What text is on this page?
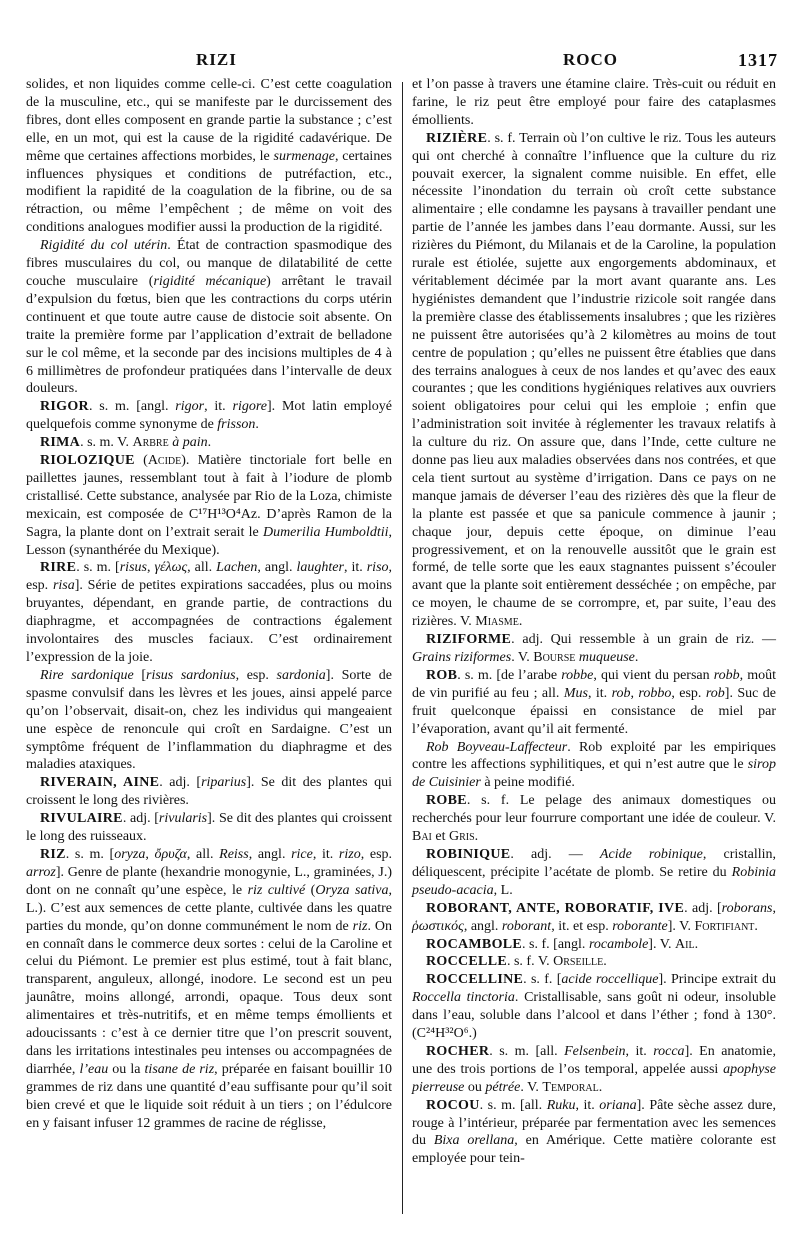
RIZI	ROCO	1317

solides, et non liquides comme celle-ci. C’est cette coagulation de la musculine, etc., qui se manifeste par le durcissement des fibres, dont elles composent en grande partie la substance ; c’est elle, en un mot, qui est la cause de la rigidité cadavérique. De même que certaines affections morbides, le surmenage, certaines influences physiques et conditions de putréfaction, etc., modifient la rapidité de la coagulation de la fibrine, ou de sa rétraction, ou même l’empêchent ; de même on voit des conditions analogues modifier aussi la production de la rigidité.

Rigidité du col utérin. État de contraction spasmodique des fibres musculaires du col, ou manque de dilatabilité de cette couche musculaire (rigidité mécanique) arrêtant le travail d’expulsion du fœtus, bien que les contractions du corps utérin continuent et que toute autre cause de distocie soit absente. On traite la première forme par l’application d’extrait de belladone sur le col même, et la seconde par des incisions multiples de 4 à 6 millimètres de profondeur pratiquées dans l’intervalle de deux douleurs.

RIGOR. s. m. [angl. rigor, it. rigore]. Mot latin employé quelquefois comme synonyme de frisson.

RIMA. s. m. V. Arbre à pain.

RIOLOZIQUE (Acide). Matière tinctoriale fort belle en paillettes jaunes, ressemblant tout à fait à l’iodure de plomb cristallisé. Cette substance, analysée par Rio de la Loza, chimiste mexicain, est composée de C¹⁷H¹³O⁴Az. D’après Ramon de la Sagra, la plante dont on l’extrait serait le Dumerilia Humboldtii, Lesson (synanthérée du Mexique).

RIRE. s. m. [risus, γέλως, all. Lachen, angl. laughter, it. riso, esp. risa]. Série de petites expirations saccadées, plus ou moins bruyantes, dépendant, en grande partie, de contractions du diaphragme, et accompagnées de contractions également involontaires des muscles faciaux. C’est ordinairement l’expression de la joie.

Rire sardonique [risus sardonius, esp. sardonia]. Sorte de spasme convulsif dans les lèvres et les joues, ainsi appelé parce qu’on l’observait, disait-on, chez les individus qui mangeaient une espèce de renoncule qui croît en Sardaigne. C’est un symptôme fréquent de l’inflammation du diaphragme et des maladies ataxiques.

RIVERAIN, AINE. adj. [riparius]. Se dit des plantes qui croissent le long des rivières.

RIVULAIRE. adj. [rivularis]. Se dit des plantes qui croissent le long des ruisseaux.

RIZ. s. m. [oryza, ὄρυζα, all. Reiss, angl. rice, it. rizo, esp. arroz]. Genre de plante (hexandrie monogynie, L., graminées, J.) dont on ne connaît qu’une espèce, le riz cultivé (Oryza sativa, L.). C’est aux semences de cette plante, cultivée dans les quatre parties du monde, qu’on donne communément le nom de riz. On en connaît dans le commerce deux sortes : celui de la Caroline et celui du Piémont. Le premier est plus estimé, tout à fait blanc, transparent, anguleux, allongé, inodore. Le second est un peu jaunâtre, moins allongé, arrondi, opaque. Tous deux sont alimentaires et très-nutritifs, et en même temps émollients et adoucissants : c’est à ce dernier titre que l’on prescrit souvent, dans les irritations intestinales peu intenses ou accompagnées de diarrhée, l’eau ou la tisane de riz, préparée en faisant bouillir 10 grammes de riz dans une quantité d’eau suffisante pour qu’il soit bien crevé et que le liquide soit réduit à un tiers ; on l’édulcore en y faisant infuser 12 grammes de racine de réglisse,

et l’on passe à travers une étamine claire. Très-cuit ou réduit en farine, le riz peut être employé pour faire des cataplasmes émollients.

RIZIÈRE. s. f. Terrain où l’on cultive le riz. Tous les auteurs qui ont cherché à connaître l’influence que la culture du riz pouvait exercer, la signalent comme nuisible. En effet, elle nécessite l’inondation du terrain où croît cette substance alimentaire ; elle condamne les paysans à travailler pendant une partie de l’année les jambes dans l’eau dormante. Aussi, sur les rizières du Piémont, du Milanais et de la Caroline, la population rurale est étiolée, sujette aux engorgements abdominaux, et véritablement décimée par la mort avant quarante ans. Les hygiénistes demandent que l’industrie rizicole soit rangée dans la première classe des établissements insalubres ; que les rizières ne puissent être autorisées qu’à 2 kilomètres au moins de tout centre de population ; qu’elles ne puissent être établies que dans des terrains analogues à ceux de nos landes et qu’avec des eaux courantes ; que les conditions hygiéniques relatives aux ouvriers soient obligatoires pour celui qui les emploie ; enfin que l’administration soit invitée à réglementer les travaux relatifs à la culture du riz. On assure que, dans l’Inde, cette culture ne donne pas lieu aux maladies observées dans nos contrées, et que cela tient surtout au système d’irrigation. Dans ce pays on ne manque jamais de déverser l’eau des rizières dès que la fleur de la plante est passée et que sa panicule commence à jaunir ; chaque jour, depuis cette époque, on diminue l’eau progressivement, et on la renouvelle aussitôt que le grain est formé, de telle sorte que les eaux stagnantes puissent s’écouler avant que la plante soit entièrement desséchée ; on empêche, par ce moyen, le chaume de se corrompre, et, par suite, l’eau des rizières. V. Miasme.

RIZIFORME. adj. Qui ressemble à un grain de riz. — Grains riziformes. V. Bourse muqueuse.

ROB. s. m. [de l’arabe robbe, qui vient du persan robb, moût de vin purifié au feu ; all. Mus, it. rob, robbo, esp. rob]. Suc de fruit quelconque épaissi en consistance de miel par l’évaporation, avant qu’il ait fermenté.

Rob Boyveau-Laffecteur. Rob exploité par les empiriques contre les affections syphilitiques, et qui n’est autre que le sirop de Cuisinier à peine modifié.

ROBE. s. f. Le pelage des animaux domestiques ou recherchés pour leur fourrure comportant une idée de couleur. V. Bai et Gris.

ROBINIQUE. adj. — Acide robinique, cristallin, déliquescent, précipite l’acétate de plomb. Se retire du Robinia pseudo-acacia, L.

ROBORANT, ANTE, ROBORATIF, IVE. adj. [roborans, ῥωστικός, angl. roborant, it. et esp. roborante]. V. Fortifiant.

ROCAMBOLE. s. f. [angl. rocambole]. V. Ail.

ROCCELLE. s. f. V. Orseille.

ROCCELLINE. s. f. [acide roccellique]. Principe extrait du Roccella tinctoria. Cristallisable, sans goût ni odeur, insoluble dans l’eau, soluble dans l’alcool et dans l’éther ; fond à 130°. (C²⁴H³²O⁶.)

ROCHER. s. m. [all. Felsenbein, it. rocca]. En anatomie, une des trois portions de l’os temporal, appelée aussi apophyse pierreuse ou pétrée. V. Temporal.

ROCOU. s. m. [all. Ruku, it. oriana]. Pâte sèche assez dure, rouge à l’intérieur, préparée par fermentation avec les semences du Bixa orellana, en Amérique. Cette matière colorante est employée pour tein-
